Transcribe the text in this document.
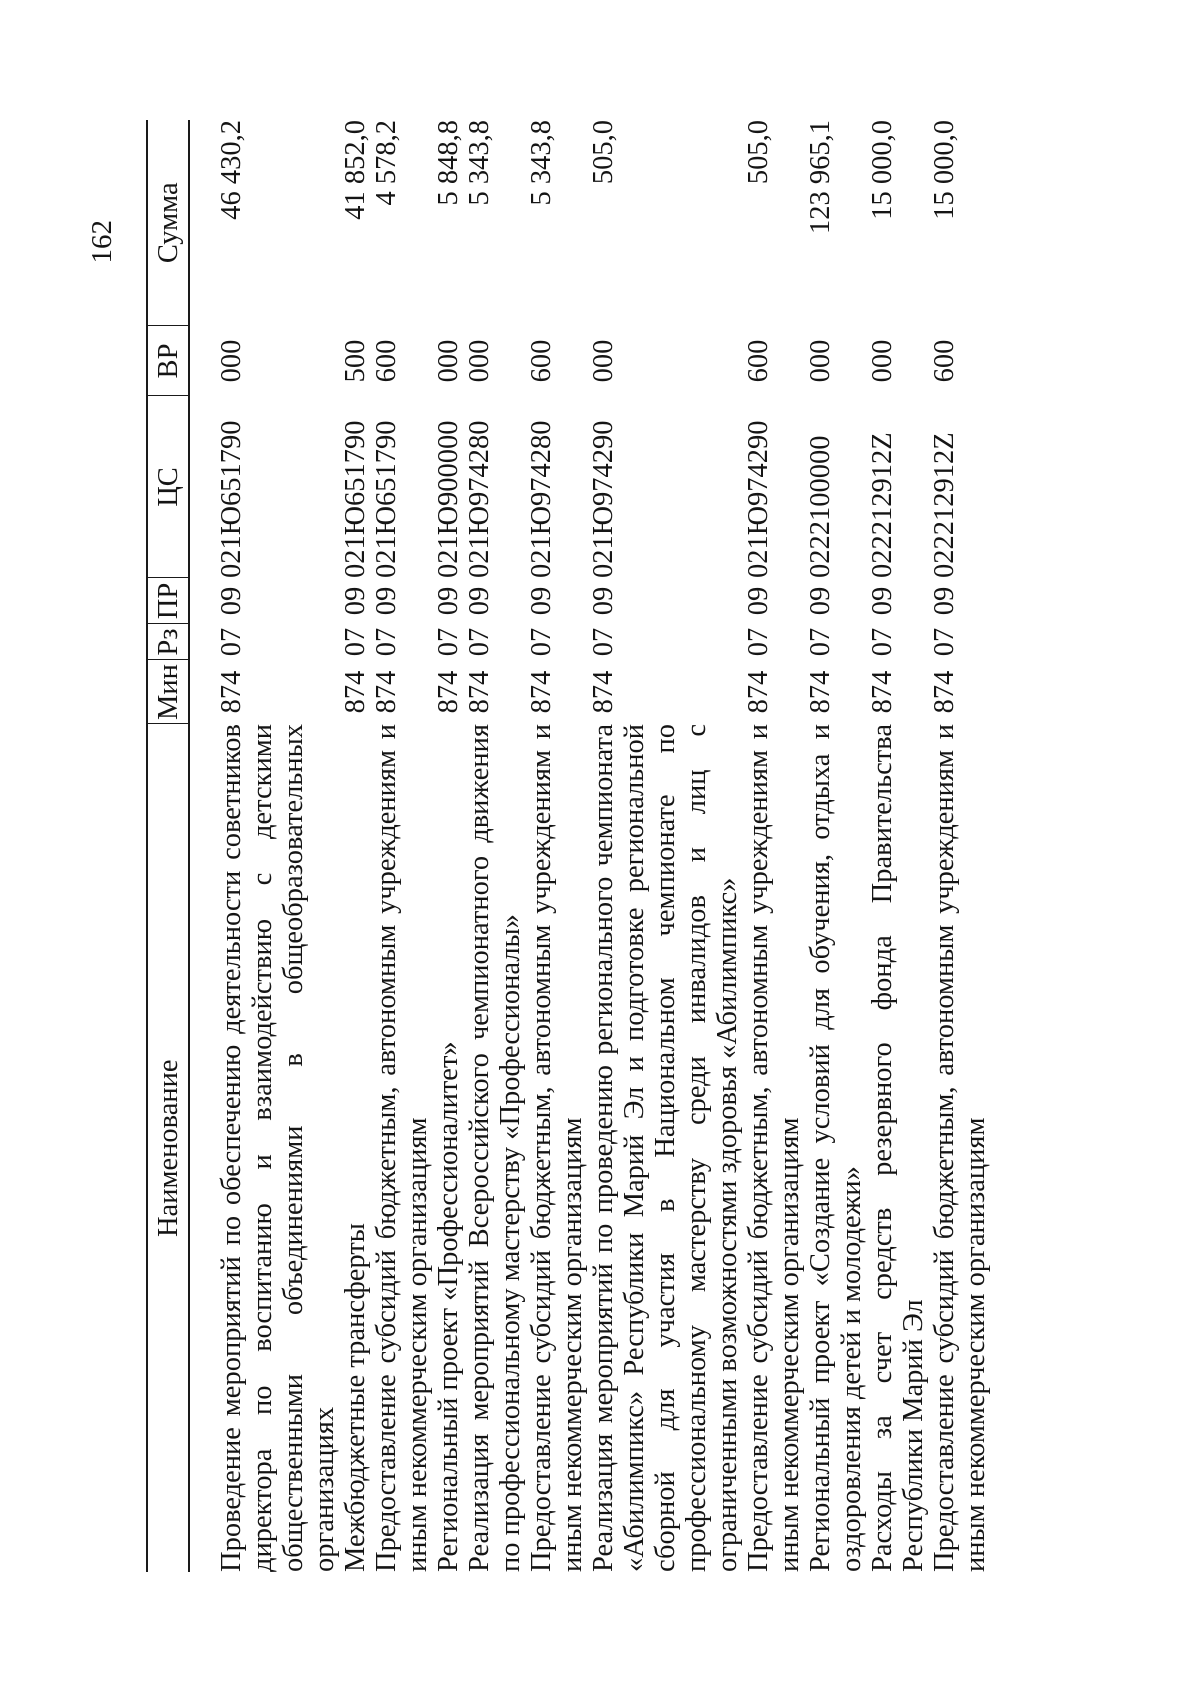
162
Наименование	Мин	Рз	ПР	ЦС	ВР	Сумма

Проведение мероприятий по обеспечению деятельности советников директора по воспитанию и взаимодействию с детскими общественными объединениями в общеобразовательных организациях	874	07	09	021Ю651790	000	46 430,2
Межбюджетные трансферты	874	07	09	021Ю651790	500	41 852,0
Предоставление субсидий бюджетным, автономным учреждениям и иным некоммерческим организациям	874	07	09	021Ю651790	600	4 578,2
Региональный проект «Профессионалитет»	874	07	09	021Ю900000	000	5 848,8
Реализация мероприятий Всероссийского чемпионатного движения по профессиональному мастерству «Профессионалы»	874	07	09	021Ю974280	000	5 343,8
Предоставление субсидий бюджетным, автономным учреждениям и иным некоммерческим организациям	874	07	09	021Ю974280	600	5 343,8
Реализация мероприятий по проведению регионального чемпионата «Абилимпикс» Республики Марий Эл и подготовке региональной сборной для участия в Национальном чемпионате по профессиональному мастерству среди инвалидов и лиц с ограниченными возможностями здоровья «Абилимпикс»	874	07	09	021Ю974290	000	505,0
Предоставление субсидий бюджетным, автономным учреждениям и иным некоммерческим организациям	874	07	09	021Ю974290	600	505,0
Региональный проект «Создание условий для обучения, отдыха и оздоровления детей и молодежи»	874	07	09	0222100000	000	123 965,1
Расходы за счет средств резервного фонда Правительства Республики Марий Эл	874	07	09	022212912Z	000	15 000,0
Предоставление субсидий бюджетным, автономным учреждениям и иным некоммерческим организациям	874	07	09	022212912Z	600	15 000,0
